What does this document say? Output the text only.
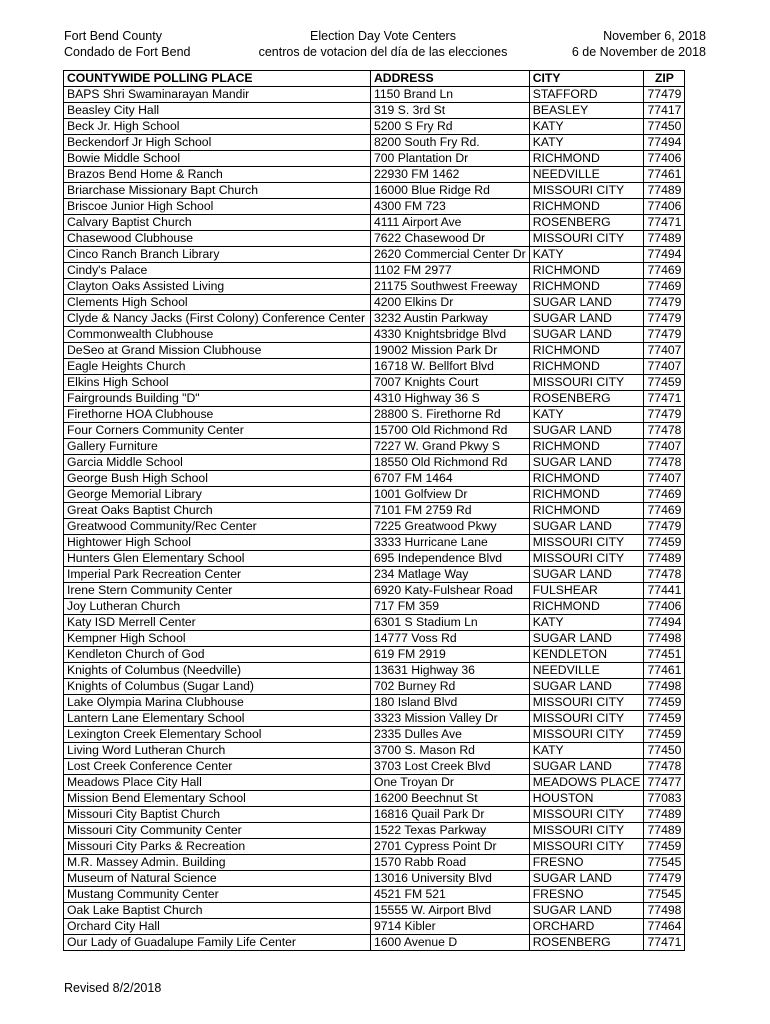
Fort Bend County
Condado de Fort Bend
Election Day Vote Centers
centros de votacion del día de las elecciones
November 6, 2018
6 de November de 2018
COUNTYWIDE POLLING PLACE	ADDRESS	CITY	ZIP
BAPS Shri Swaminarayan Mandir	1150 Brand Ln	STAFFORD	77479
Beasley City Hall	319 S. 3rd St	BEASLEY	77417
Beck Jr. High School	5200 S Fry Rd	KATY	77450
Beckendorf Jr High School	8200 South Fry Rd.	KATY	77494
Bowie Middle School	700 Plantation Dr	RICHMOND	77406
Brazos Bend Home & Ranch	22930 FM 1462	NEEDVILLE	77461
Briarchase Missionary Bapt Church	16000 Blue Ridge Rd	MISSOURI CITY	77489
Briscoe Junior High School	4300 FM 723	RICHMOND	77406
Calvary Baptist Church	4111 Airport Ave	ROSENBERG	77471
Chasewood Clubhouse	7622 Chasewood Dr	MISSOURI CITY	77489
Cinco Ranch Branch Library	2620 Commercial Center Dr	KATY	77494
Cindy's Palace	1102 FM 2977	RICHMOND	77469
Clayton Oaks Assisted Living	21175 Southwest Freeway	RICHMOND	77469
Clements High School	4200 Elkins Dr	SUGAR LAND	77479
Clyde & Nancy Jacks (First Colony) Conference Center	3232 Austin Parkway	SUGAR LAND	77479
Commonwealth Clubhouse	4330 Knightsbridge Blvd	SUGAR LAND	77479
DeSeo at Grand Mission Clubhouse	19002 Mission Park Dr	RICHMOND	77407
Eagle Heights Church	16718 W. Bellfort Blvd	RICHMOND	77407
Elkins High School	7007 Knights Court	MISSOURI CITY	77459
Fairgrounds Building "D"	4310 Highway 36 S	ROSENBERG	77471
Firethorne HOA Clubhouse	28800 S. Firethorne Rd	KATY	77479
Four Corners Community Center	15700 Old Richmond Rd	SUGAR LAND	77478
Gallery Furniture	7227 W. Grand Pkwy S	RICHMOND	77407
Garcia Middle School	18550 Old Richmond Rd	SUGAR LAND	77478
George Bush High School	6707 FM 1464	RICHMOND	77407
George Memorial Library	1001 Golfview Dr	RICHMOND	77469
Great Oaks Baptist Church	7101 FM 2759 Rd	RICHMOND	77469
Greatwood Community/Rec Center	7225 Greatwood Pkwy	SUGAR LAND	77479
Hightower High School	3333 Hurricane Lane	MISSOURI CITY	77459
Hunters Glen Elementary School	695 Independence Blvd	MISSOURI CITY	77489
Imperial Park Recreation Center	234 Matlage Way	SUGAR LAND	77478
Irene Stern Community Center	6920 Katy-Fulshear Road	FULSHEAR	77441
Joy Lutheran Church	717 FM 359	RICHMOND	77406
Katy ISD Merrell Center	6301 S Stadium Ln	KATY	77494
Kempner High School	14777 Voss Rd	SUGAR LAND	77498
Kendleton Church of God	619 FM 2919	KENDLETON	77451
Knights of Columbus (Needville)	13631 Highway 36	NEEDVILLE	77461
Knights of Columbus (Sugar Land)	702 Burney Rd	SUGAR LAND	77498
Lake Olympia Marina Clubhouse	180 Island Blvd	MISSOURI CITY	77459
Lantern Lane Elementary School	3323 Mission Valley Dr	MISSOURI CITY	77459
Lexington Creek Elementary School	2335 Dulles Ave	MISSOURI CITY	77459
Living Word Lutheran Church	3700 S. Mason Rd	KATY	77450
Lost Creek Conference Center	3703 Lost Creek Blvd	SUGAR LAND	77478
Meadows Place City Hall	One Troyan Dr	MEADOWS PLACE	77477
Mission Bend Elementary School	16200 Beechnut St	HOUSTON	77083
Missouri City Baptist Church	16816 Quail Park Dr	MISSOURI CITY	77489
Missouri City Community Center	1522 Texas Parkway	MISSOURI CITY	77489
Missouri City Parks & Recreation	2701 Cypress Point Dr	MISSOURI CITY	77459
M.R. Massey Admin. Building	1570 Rabb Road	FRESNO	77545
Museum of Natural Science	13016 University Blvd	SUGAR LAND	77479
Mustang Community Center	4521 FM 521	FRESNO	77545
Oak Lake Baptist Church	15555 W. Airport Blvd	SUGAR LAND	77498
Orchard City Hall	9714 Kibler	ORCHARD	77464
Our Lady of Guadalupe Family Life Center	1600 Avenue D	ROSENBERG	77471
Revised 8/2/2018
